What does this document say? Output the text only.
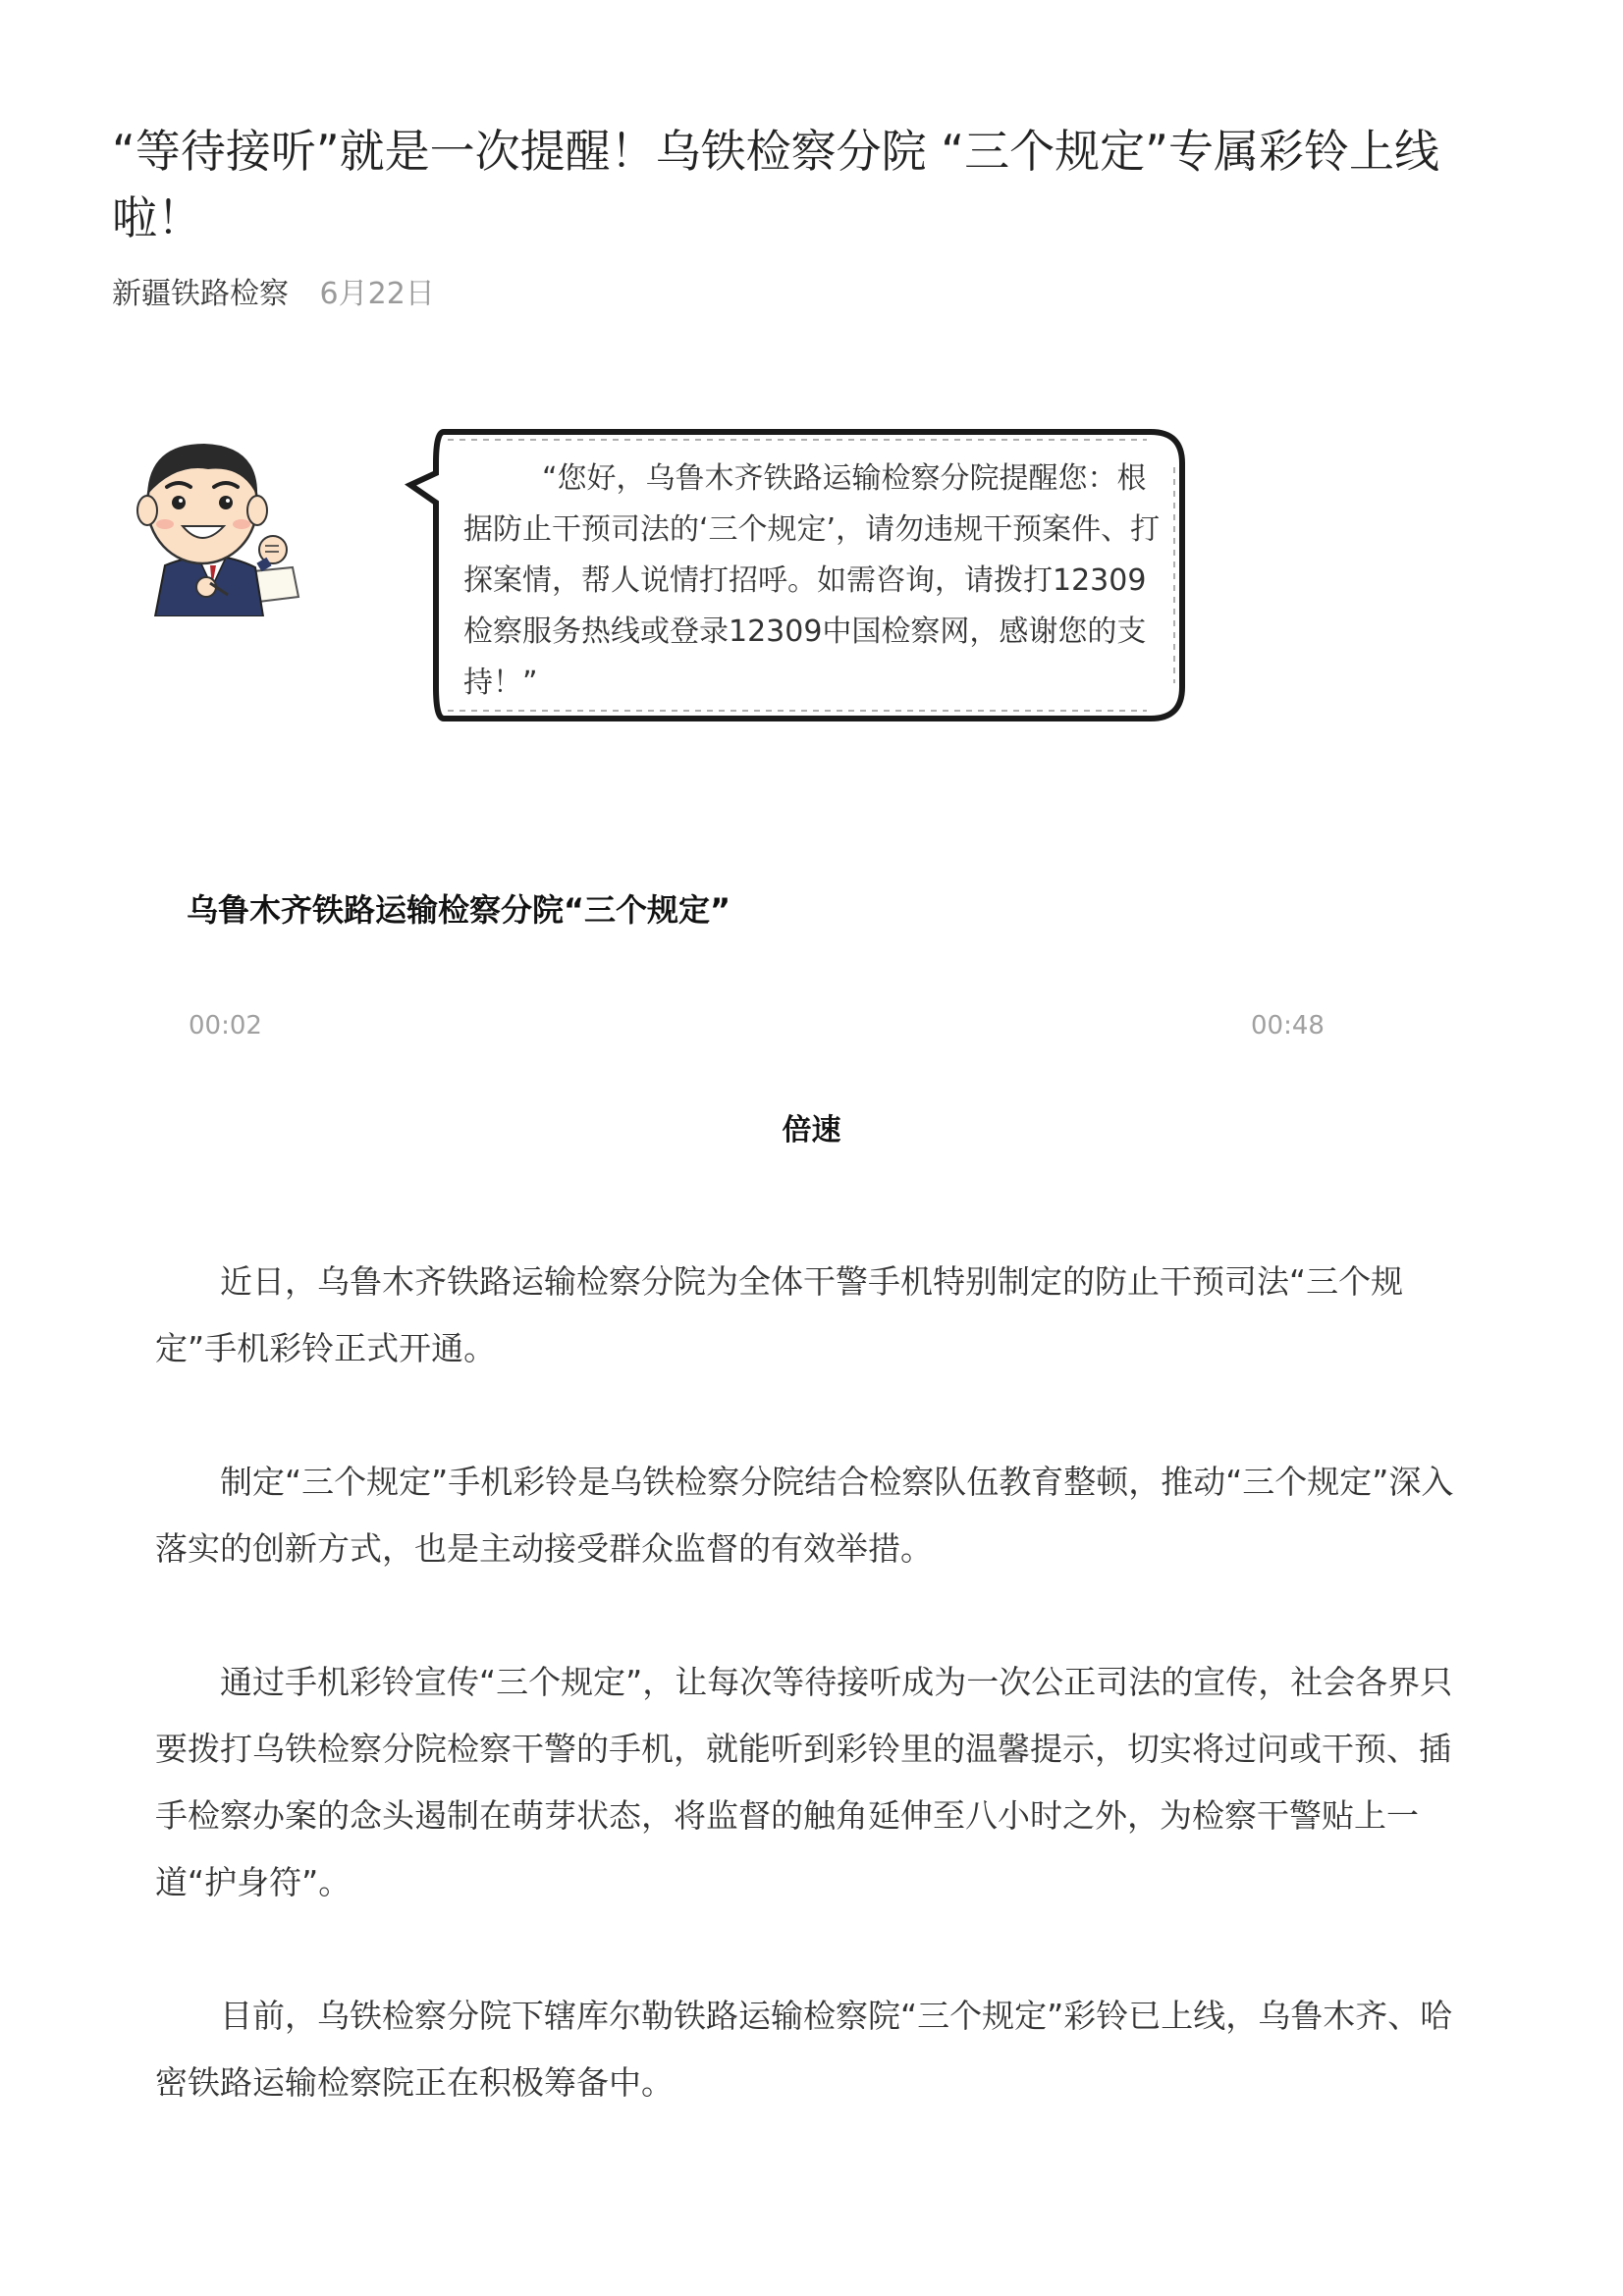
“等待接听”就是一次提醒！乌铁检察分院 “三个规定”专属彩铃上线啦！
新疆铁路检察 6月22日

“您好，乌鲁木齐铁路运输检察分院提醒您：根据防止干预司法的‘三个规定’，请勿违规干预案件、打探案情，帮人说情打招呼。如需咨询，请拨打12309检察服务热线或登录12309中国检察网，感谢您的支持！”

乌鲁木齐铁路运输检察分院“三个规定”
00:02	00:48
倍速

近日，乌鲁木齐铁路运输检察分院为全体干警手机特别制定的防止干预司法“三个规定”手机彩铃正式开通。

制定“三个规定”手机彩铃是乌铁检察分院结合检察队伍教育整顿，推动“三个规定”深入落实的创新方式，也是主动接受群众监督的有效举措。

通过手机彩铃宣传“三个规定”，让每次等待接听成为一次公正司法的宣传，社会各界只要拨打乌铁检察分院检察干警的手机，就能听到彩铃里的温馨提示，切实将过问或干预、插手检察办案的念头遏制在萌芽状态，将监督的触角延伸至八小时之外，为检察干警贴上一道“护身符”。

目前，乌铁检察分院下辖库尔勒铁路运输检察院“三个规定”彩铃已上线，乌鲁木齐、哈密铁路运输检察院正在积极筹备中。
